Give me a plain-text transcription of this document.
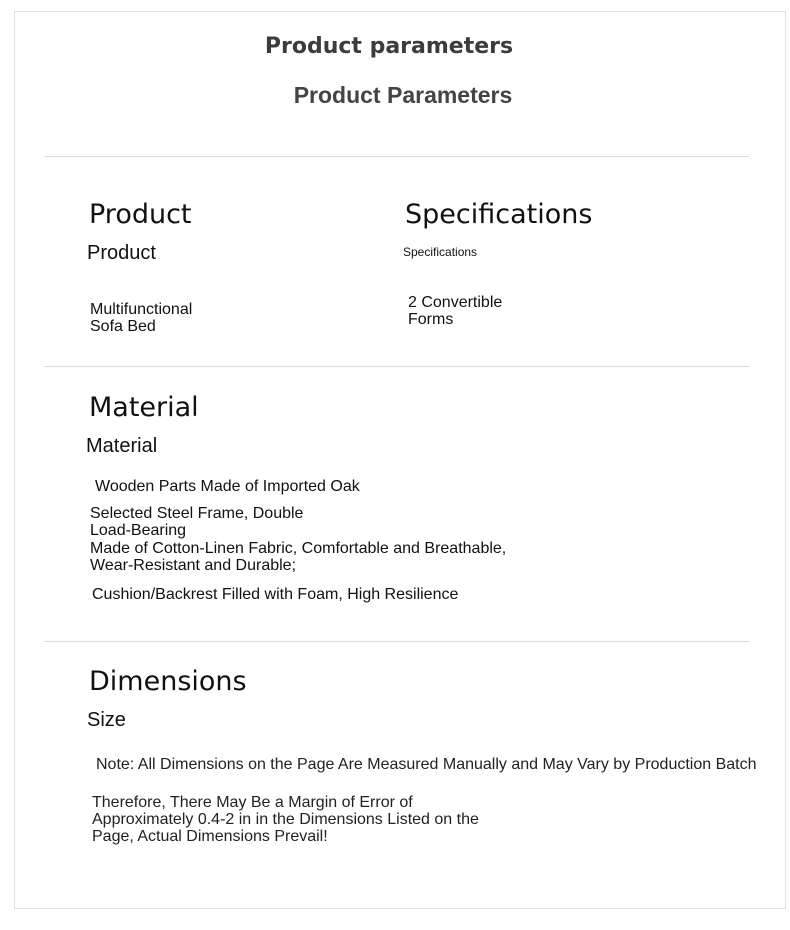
Product parameters
Product Parameters
Product
Product
Multifunctional
Sofa Bed
Specifications
Specifications
2 Convertible
Forms
Material
Material
Wooden Parts Made of Imported Oak
Selected Steel Frame, Double
Load-Bearing
Made of Cotton-Linen Fabric, Comfortable and Breathable,
Wear-Resistant and Durable;
Cushion/Backrest Filled with Foam, High Resilience
Dimensions
Size
Note: All Dimensions on the Page Are Measured Manually and May Vary by Production Batch
Therefore, There May Be a Margin of Error of
Approximately 0.4-2 in in the Dimensions Listed on the
Page, Actual Dimensions Prevail!
